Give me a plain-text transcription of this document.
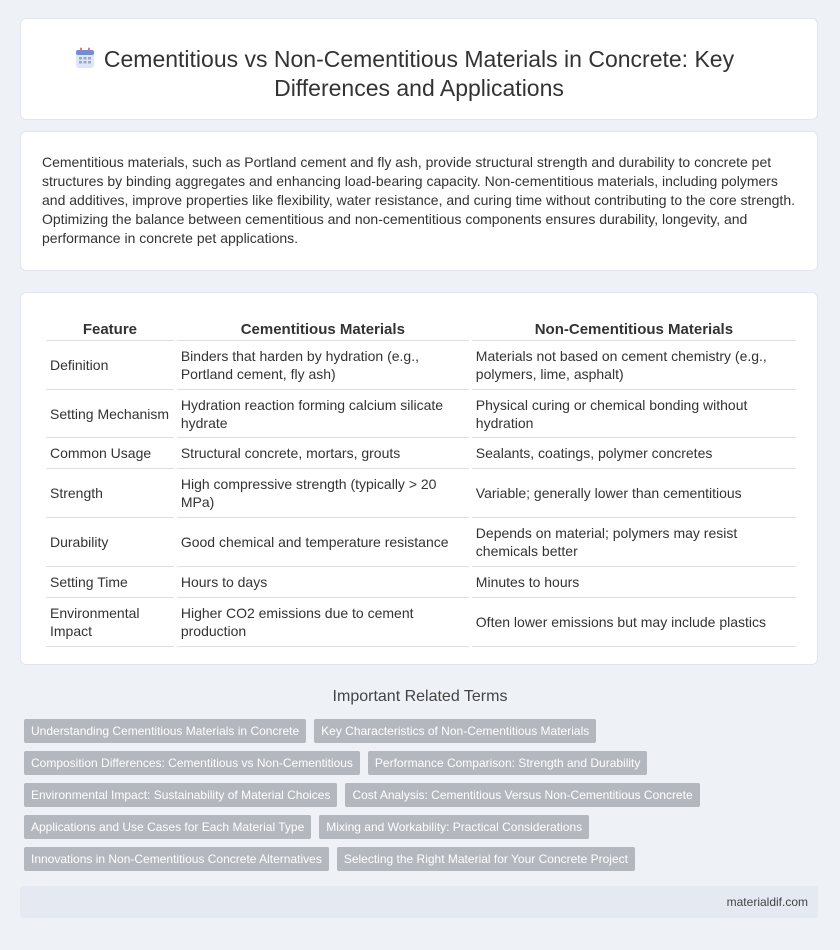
Cementitious vs Non-Cementitious Materials in Concrete: Key Differences and Applications

Cementitious materials, such as Portland cement and fly ash, provide structural strength and durability to concrete pet structures by binding aggregates and enhancing load-bearing capacity. Non-cementitious materials, including polymers and additives, improve properties like flexibility, water resistance, and curing time without contributing to the core strength. Optimizing the balance between cementitious and non-cementitious components ensures durability, longevity, and performance in concrete pet applications.

Feature	Cementitious Materials	Non-Cementitious Materials
Definition	Binders that harden by hydration (e.g., Portland cement, fly ash)	Materials not based on cement chemistry (e.g., polymers, lime, asphalt)
Setting Mechanism	Hydration reaction forming calcium silicate hydrate	Physical curing or chemical bonding without hydration
Common Usage	Structural concrete, mortars, grouts	Sealants, coatings, polymer concretes
Strength	High compressive strength (typically > 20 MPa)	Variable; generally lower than cementitious
Durability	Good chemical and temperature resistance	Depends on material; polymers may resist chemicals better
Setting Time	Hours to days	Minutes to hours
Environmental Impact	Higher CO2 emissions due to cement production	Often lower emissions but may include plastics
Important Related Terms
Understanding Cementitious Materials in Concrete	Key Characteristics of Non-Cementitious Materials
Composition Differences: Cementitious vs Non-Cementitious	Performance Comparison: Strength and Durability
Environmental Impact: Sustainability of Material Choices	Cost Analysis: Cementitious Versus Non-Cementitious Concrete
Applications and Use Cases for Each Material Type	Mixing and Workability: Practical Considerations
Innovations in Non-Cementitious Concrete Alternatives	Selecting the Right Material for Your Concrete Project
materialdif.com
